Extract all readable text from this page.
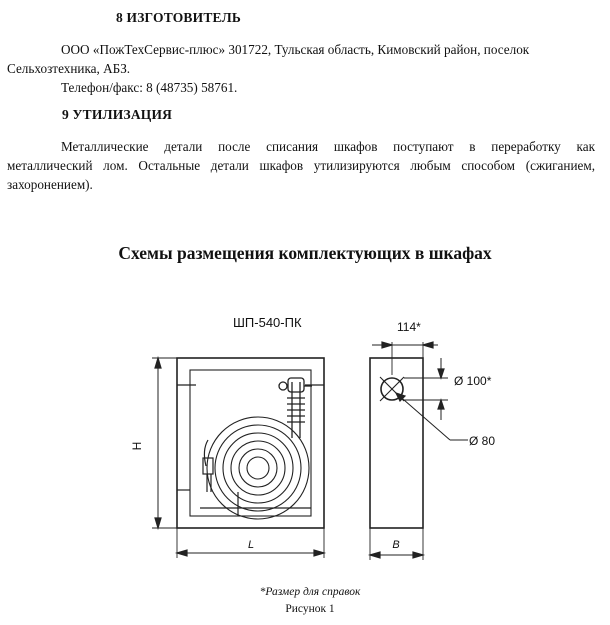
8 ИЗГОТОВИТЕЛЬ
ООО «ПожТехСервис-плюс» 301722, Тульская область, Кимовский район, поселок
Сельхозтехника, АБЗ.
Телефон/факс: 8 (48735) 58761.
9 УТИЛИЗАЦИЯ
Металлические детали после списания шкафов поступают в переработку как
металлический лом. Остальные детали шкафов утилизируются любым способом (сжиганием,
захоронением).
Схемы размещения комплектующих в шкафах
ШП-540-ПК	114*
Ø 100*
Ø 80
H
L	B
*Размер для справок
Рисунок 1
